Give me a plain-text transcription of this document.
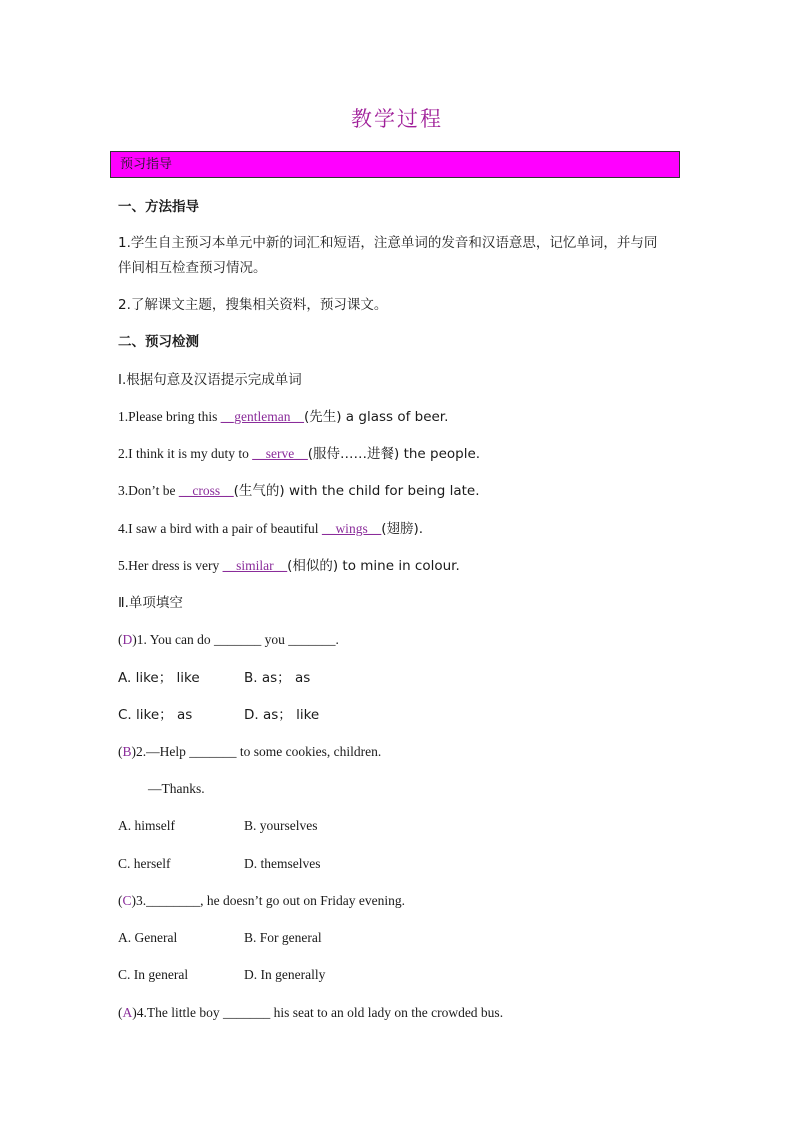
教学过程
预习指导
一、方法指导
1.学生自主预习本单元中新的词汇和短语，注意单词的发音和汉语意思，记忆单词，并与同
伴间相互检查预习情况。
2.了解课文主题，搜集相关资料，预习课文。
二、预习检测
Ⅰ.根据句意及汉语提示完成单词
1.Please bring this __gentleman__(先生) a glass of beer.
2.I think it is my duty to __serve__(服侍……进餐) the people.
3.Don’t be __cross__(生气的) with the child for being late.
4.I saw a bird with a pair of beautiful __wings__(翅膀).
5.Her dress is very __similar__(相似的) to mine in colour.
Ⅱ.单项填空
(D)1. You can do _______ you _______.
A. like； like	B. as； as
C. like； as	D. as； like
(B)2.—Help _______ to some cookies, children.
—Thanks.
A. himself	B. yourselves
C. herself	D. themselves
(C)3.________, he doesn’t go out on Friday evening.
A. General	B. For general
C. In general	D. In generally
(A)4.The little boy _______ his seat to an old lady on the crowded bus.
